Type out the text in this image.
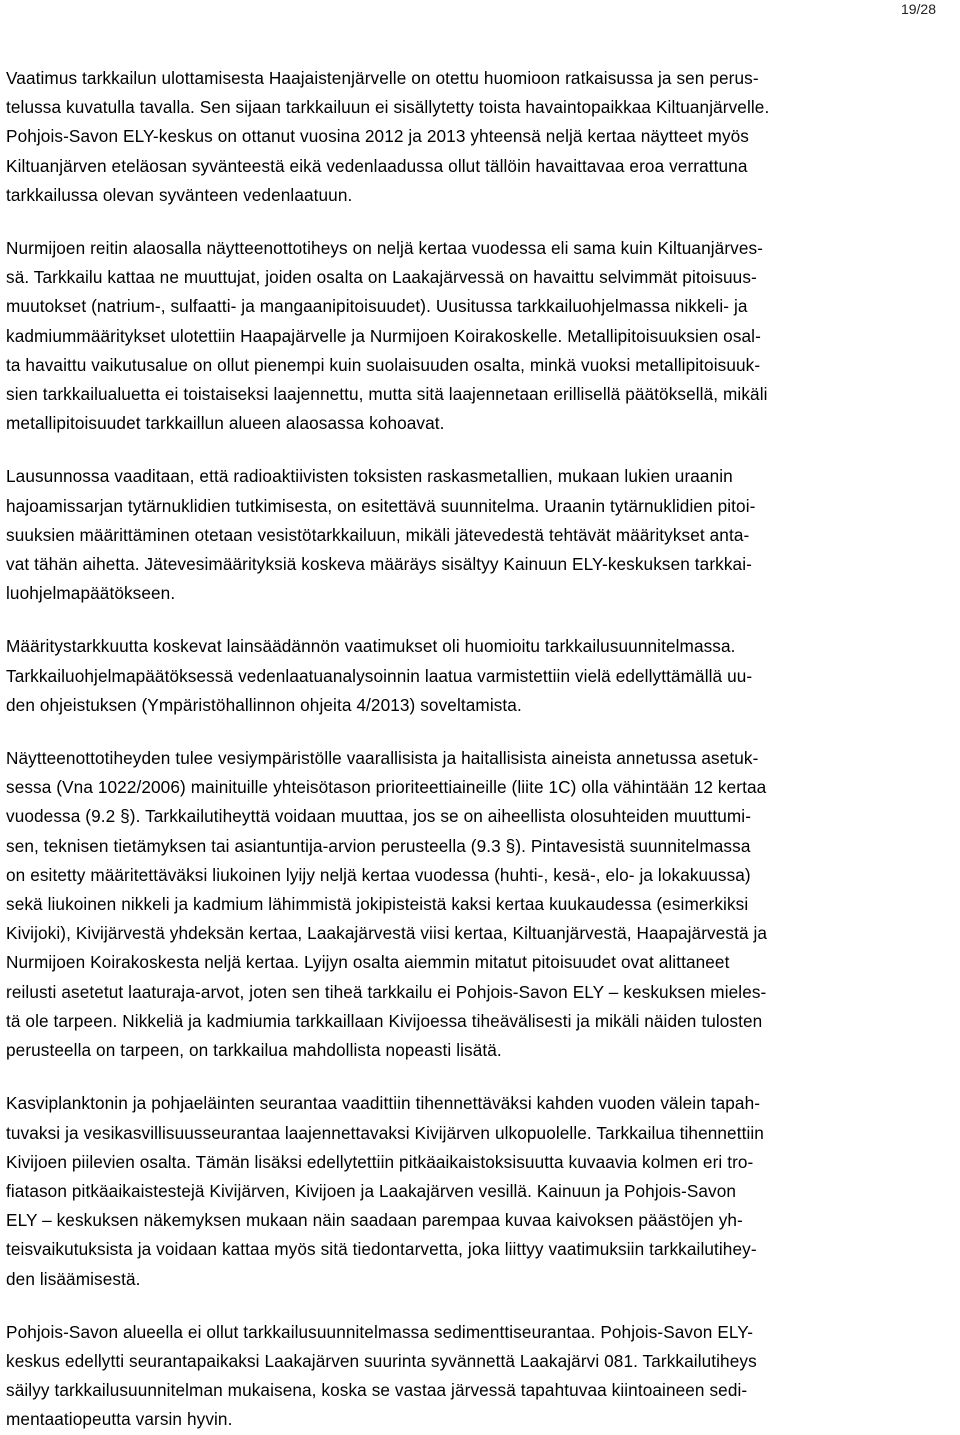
19/28

Vaatimus tarkkailun ulottamisesta Haajaistenjärvelle on otettu huomioon ratkaisussa ja sen perus-
telussa kuvatulla tavalla. Sen sijaan tarkkailuun ei sisällytetty toista havaintopaikkaa Kiltuanjärvelle.
Pohjois-Savon ELY-keskus on ottanut vuosina 2012 ja 2013 yhteensä neljä kertaa näytteet myös
Kiltuanjärven eteläosan syvänteestä eikä vedenlaadussa ollut tällöin havaittavaa eroa verrattuna
tarkkailussa olevan syvänteen vedenlaatuun.

Nurmijoen reitin alaosalla näytteenottotiheys on neljä kertaa vuodessa eli sama kuin Kiltuanjärves-
sä. Tarkkailu kattaa ne muuttujat, joiden osalta on Laakajärvessä on havaittu selvimmät pitoisuus-
muutokset (natrium-, sulfaatti- ja mangaanipitoisuudet). Uusitussa tarkkailuohjelmassa nikkeli- ja
kadmiummääritykset ulotettiin Haapajärvelle ja Nurmijoen Koirakoskelle. Metallipitoisuuksien osal-
ta havaittu vaikutusalue on ollut pienempi kuin suolaisuuden osalta, minkä vuoksi metallipitoisuuk-
sien tarkkailualuetta ei toistaiseksi laajennettu, mutta sitä laajennetaan erillisellä päätöksellä, mikäli
metallipitoisuudet tarkkaillun alueen alaosassa kohoavat.

Lausunnossa vaaditaan, että radioaktiivisten toksisten raskasmetallien, mukaan lukien uraanin
hajoamissarjan tytärnuklidien tutkimisesta, on esitettävä suunnitelma. Uraanin tytärnuklidien pitoi-
suuksien määrittäminen otetaan vesistötarkkailuun, mikäli jätevedestä tehtävät määritykset anta-
vat tähän aihetta. Jätevesimäärityksiä koskeva määräys sisältyy Kainuun ELY-keskuksen tarkkai-
luohjelmapäätökseen.

Määritystarkkuutta koskevat lainsäädännön vaatimukset oli huomioitu tarkkailusuunnitelmassa.
Tarkkailuohjelmapäätöksessä vedenlaatuanalysoinnin laatua varmistettiin vielä edellyttämällä uu-
den ohjeistuksen (Ympäristöhallinnon ohjeita 4/2013) soveltamista.

Näytteenottotiheyden tulee vesiympäristölle vaarallisista ja haitallisista aineista annetussa asetuk-
sessa (Vna 1022/2006) mainituille yhteisötason prioriteettiaineille (liite 1C) olla vähintään 12 kertaa
vuodessa (9.2 §). Tarkkailutiheyttä voidaan muuttaa, jos se on aiheellista olosuhteiden muuttumi-
sen, teknisen tietämyksen tai asiantuntija-arvion perusteella (9.3 §). Pintavesistä suunnitelmassa
on esitetty määritettäväksi liukoinen lyijy neljä kertaa vuodessa (huhti-, kesä-, elo- ja lokakuussa)
sekä liukoinen nikkeli ja kadmium lähimmistä jokipisteistä kaksi kertaa kuukaudessa (esimerkiksi
Kivijoki), Kivijärvestä yhdeksän kertaa, Laakajärvestä viisi kertaa, Kiltuanjärvestä, Haapajärvestä ja
Nurmijoen Koirakoskesta neljä kertaa. Lyijyn osalta aiemmin mitatut pitoisuudet ovat alittaneet
reilusti asetetut laaturaja-arvot, joten sen tiheä tarkkailu ei Pohjois-Savon ELY – keskuksen mieles-
tä ole tarpeen. Nikkeliä ja kadmiumia tarkkaillaan Kivijoessa tiheävälisesti ja mikäli näiden tulosten
perusteella on tarpeen, on tarkkailua mahdollista nopeasti lisätä.

Kasviplanktonin ja pohjaeläinten seurantaa vaadittiin tihennettäväksi kahden vuoden välein tapah-
tuvaksi ja vesikasvillisuusseurantaa laajennettavaksi Kivijärven ulkopuolelle. Tarkkailua tihennettiin
Kivijoen piilevien osalta. Tämän lisäksi edellytettiin pitkäaikaistoksisuutta kuvaavia kolmen eri tro-
fiatason pitkäaikaistestejä Kivijärven, Kivijoen ja Laakajärven vesillä. Kainuun ja Pohjois-Savon
ELY – keskuksen näkemyksen mukaan näin saadaan parempaa kuvaa kaivoksen päästöjen yh-
teisvaikutuksista ja voidaan kattaa myös sitä tiedontarvetta, joka liittyy vaatimuksiin tarkkailutihey-
den lisäämisestä.

Pohjois-Savon alueella ei ollut tarkkailusuunnitelmassa sedimenttiseurantaa. Pohjois-Savon ELY-
keskus edellytti seurantapaikaksi Laakajärven suurinta syvännettä Laakajärvi 081. Tarkkailutiheys
säilyy tarkkailusuunnitelman mukaisena, koska se vastaa järvessä tapahtuvaa kiintoaineen sedi-
mentaatiopeutta varsin hyvin.
